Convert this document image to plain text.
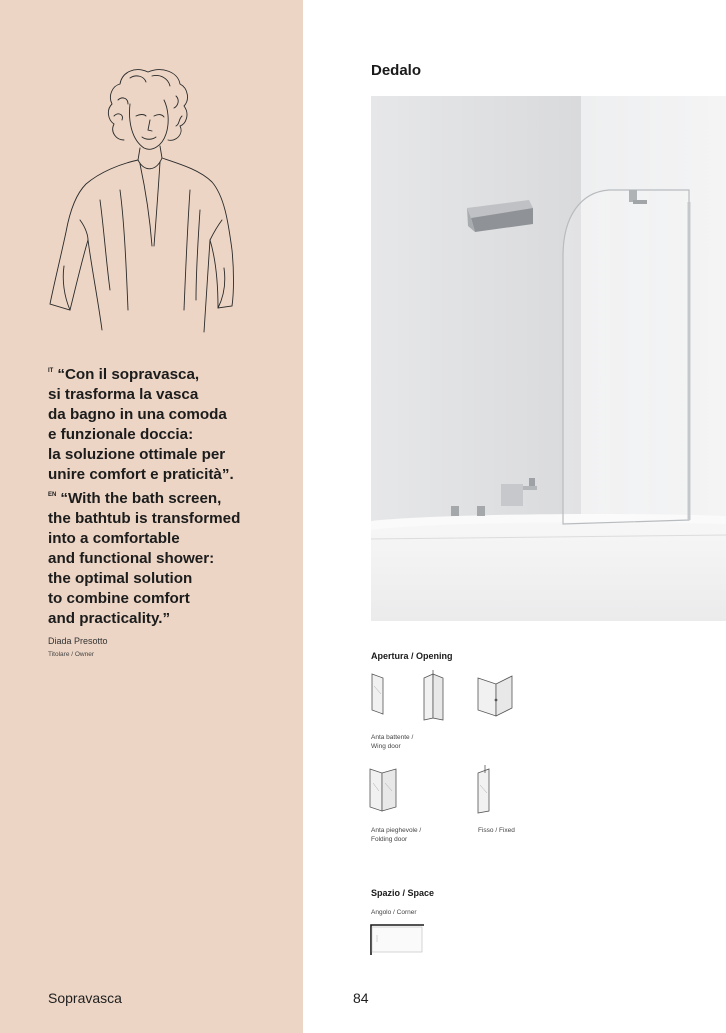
$^{IT}$ “Con il sopravasca,
si trasforma la vasca
da bagno in una comoda
e funzionale doccia:
la soluzione ottimale per
unire comfort e praticità”.

$^{EN}$ “With the bath screen,
the bathtub is transformed
into a comfortable
and functional shower:
the optimal solution
to combine comfort
and practicality.”

Diada Presotto
Titolare / Owner
Sopravasca	84
Dedalo
Apertura / Opening
Anta battente /
Wing door
Anta pieghevole /
Folding door
Fisso / Fixed
Spazio / Space
Angolo / Corner
